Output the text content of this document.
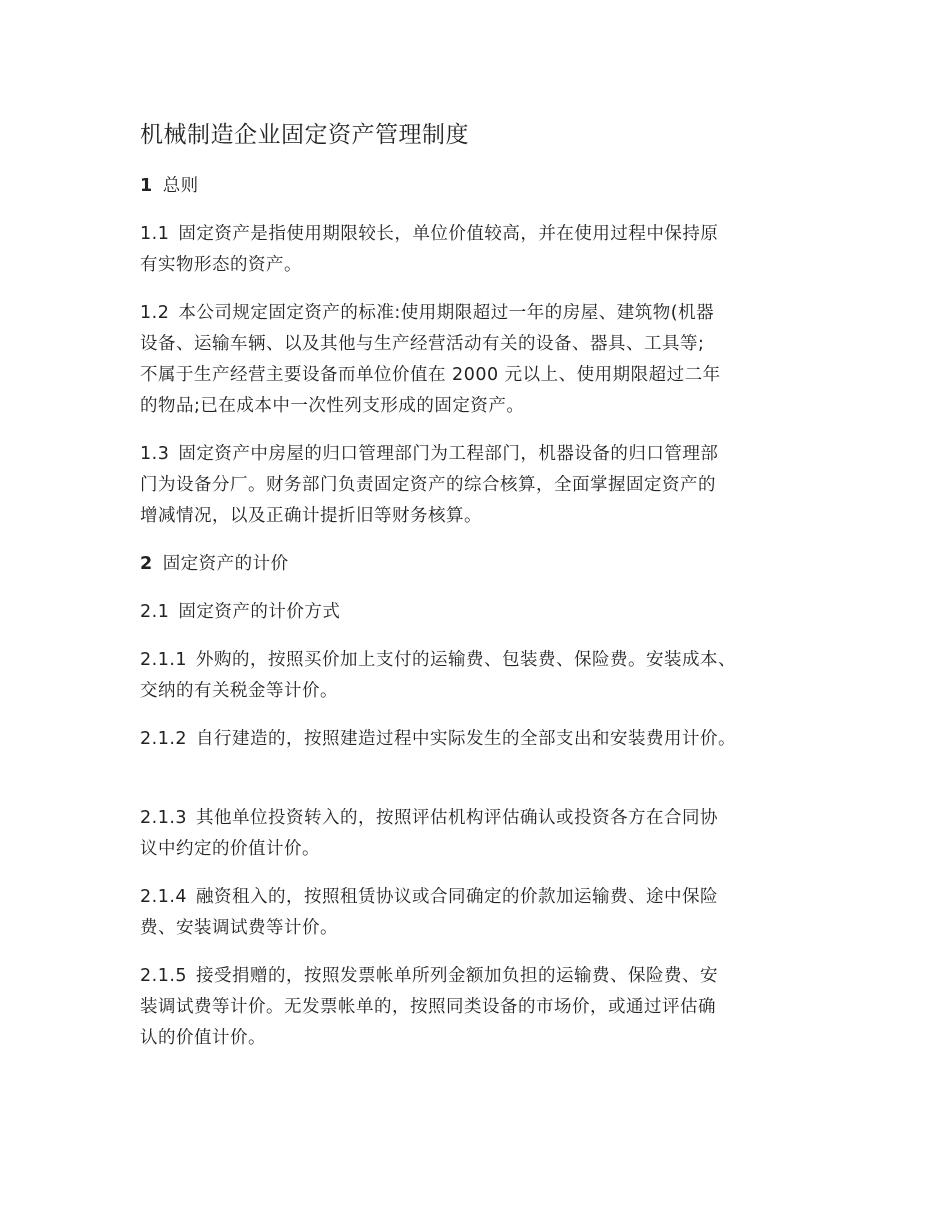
机械制造企业固定资产管理制度
1 总则
1.1 固定资产是指使用期限较长，单位价值较高，并在使用过程中保持原
有实物形态的资产。
1.2 本公司规定固定资产的标准:使用期限超过一年的房屋、建筑物(机器
设备、运输车辆、以及其他与生产经营活动有关的设备、器具、工具等;
不属于生产经营主要设备而单位价值在 2000 元以上、使用期限超过二年
的物品;已在成本中一次性列支形成的固定资产。
1.3 固定资产中房屋的归口管理部门为工程部门，机器设备的归口管理部
门为设备分厂。财务部门负责固定资产的综合核算，全面掌握固定资产的
增减情况，以及正确计提折旧等财务核算。
2 固定资产的计价
2.1 固定资产的计价方式
2.1.1 外购的，按照买价加上支付的运输费、包装费、保险费。安装成本、
交纳的有关税金等计价。
2.1.2 自行建造的，按照建造过程中实际发生的全部支出和安装费用计价。
2.1.3 其他单位投资转入的，按照评估机构评估确认或投资各方在合同协
议中约定的价值计价。
2.1.4 融资租入的，按照租赁协议或合同确定的价款加运输费、途中保险
费、安装调试费等计价。
2.1.5 接受捐赠的，按照发票帐单所列金额加负担的运输费、保险费、安
装调试费等计价。无发票帐单的，按照同类设备的市场价，或通过评估确
认的价值计价。
